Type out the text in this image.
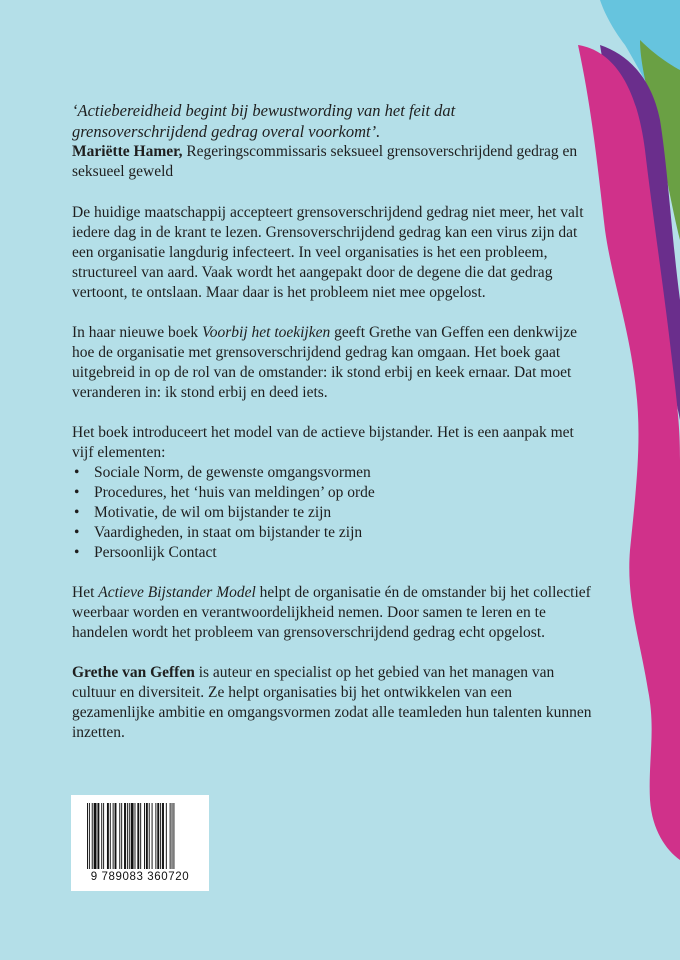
‘Actiebereidheid begint bij bewustwording van het feit dat grensoverschrijdend gedrag overal voorkomt’.

Mariëtte Hamer, Regeringscommissaris seksueel grensoverschrijdend gedrag en seksueel geweld

De huidige maatschappij accepteert grensoverschrijdend gedrag niet meer, het valt iedere dag in de krant te lezen. Grensoverschrijdend gedrag kan een virus zijn dat een organisatie langdurig infecteert. In veel organisaties is het een probleem, structureel van aard. Vaak wordt het aangepakt door de degene die dat gedrag vertoont, te ontslaan. Maar daar is het probleem niet mee opgelost.

In haar nieuwe boek Voorbij het toekijken geeft Grethe van Geffen een denkwijze hoe de organisatie met grensoverschrijdend gedrag kan omgaan. Het boek gaat uitgebreid in op de rol van de omstander: ik stond erbij en keek ernaar. Dat moet veranderen in: ik stond erbij en deed iets.

Het boek introduceert het model van de actieve bijstander. Het is een aanpak met vijf elementen:

• Sociale Norm, de gewenste omgangsvormen
• Procedures, het ‘huis van meldingen’ op orde
• Motivatie, de wil om bijstander te zijn
• Vaardigheden, in staat om bijstander te zijn
• Persoonlijk Contact

Het Actieve Bijstander Model helpt de organisatie én de omstander bij het collectief weerbaar worden en verantwoordelijkheid nemen. Door samen te leren en te handelen wordt het probleem van grensoverschrijdend gedrag echt opgelost.

Grethe van Geffen is auteur en specialist op het gebied van het managen van cultuur en diversiteit. Ze helpt organisaties bij het ontwikkelen van een gezamenlijke ambitie en omgangsvormen zodat alle teamleden hun talenten kunnen inzetten.

9 789083 360720
